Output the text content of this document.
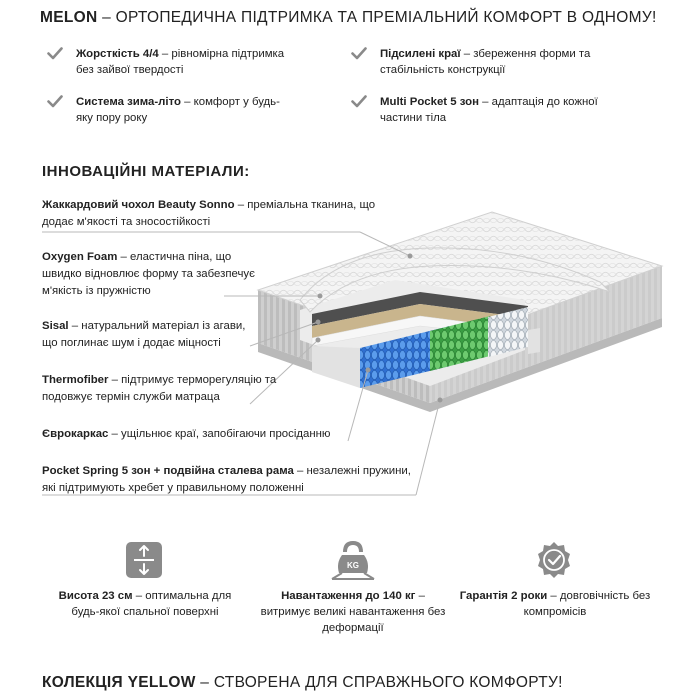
MELON – ОРТОПЕДИЧНА ПІДТРИМКА ТА ПРЕМІАЛЬНИЙ КОМФОРТ В ОДНОМУ!
Жорсткість 4/4 – рівномірна підтримка без зайвої твердості
Підсилені краї – збереження форми та стабільність конструкції
Система зима-літо – комфорт у будь-яку пору року
Multi Pocket 5 зон – адаптація до кожної частини тіла
ІННОВАЦІЙНІ МАТЕРІАЛИ:
Жаккардовий чохол Beauty Sonno – преміальна тканина, що додає м'якості та зносостійкості
Oxygen Foam – еластична піна, що швидко відновлює форму та забезпечує м'якість із пружністю
Sisal – натуральний матеріал із агави, що поглинає шум і додає міцності
Thermofiber – підтримує терморегуляцію та подовжує термін служби матраца
Єврокаркас – ущільнює краї, запобігаючи просіданню
Pocket Spring 5 зон + подвійна сталева рама – незалежні пружини, які підтримують хребет у правильному положенні
Висота 23 см – оптимальна для будь-якої спальної поверхні
KG
Навантаження до 140 кг – витримує великі навантаження без деформації
Гарантія 2 роки – довговічність без компромісів
КОЛЕКЦІЯ YELLOW – СТВОРЕНА ДЛЯ СПРАВЖНЬОГО КОМФОРТУ!
